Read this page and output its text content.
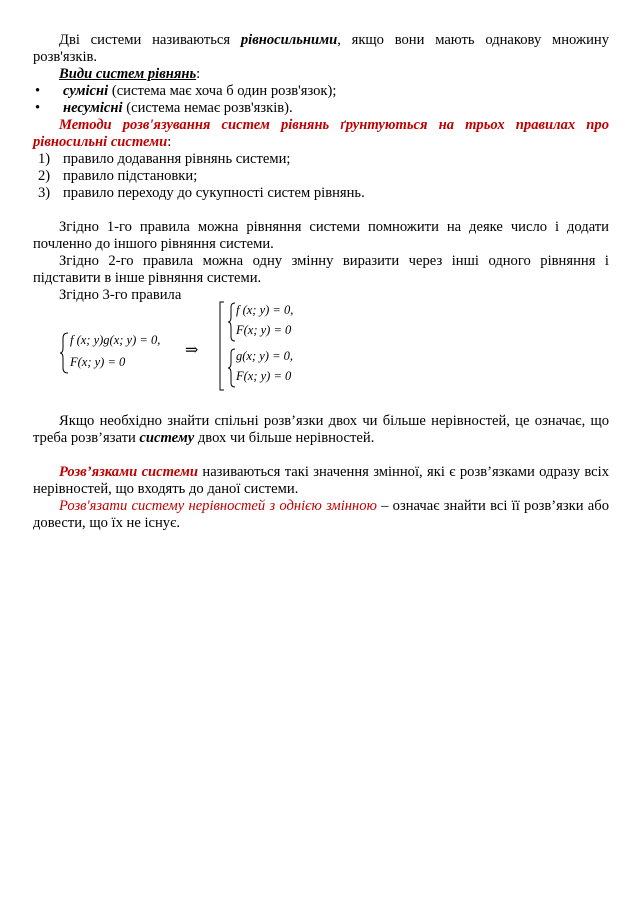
Дві системи називаються рівносильними, якщо вони мають однакову множину розв'язків.

Види систем рівнянь:

• сумісні (система має хоча б один розв'язок);
• несумісні (система немає розв'язків).

Методи розв'язування систем рівнянь ґрунтуються на трьох правилах про рівносильні системи:

1) правило додавання рівнянь системи;
2) правило підстановки;
3) правило переходу до сукупності систем рівнянь.

Згідно 1-го правила можна рівняння системи помножити на деяке число і додати почленно до іншого рівняння системи.

Згідно 2-го правила можна одну змінну виразити через інші одного рівняння і підставити в інше рівняння системи.

Згідно 3-го правила

f (x; y)g(x; y) = 0,
F(x; y) = 0
⇒
f (x; y) = 0,
F(x; y) = 0
g(x; y) = 0,
F(x; y) = 0

Якщо необхідно знайти спільні розв’язки двох чи більше нерівностей, це означає, що треба розв’язати систему двох чи більше нерівностей.

Розв’язками системи називаються такі значення змінної, які є розв’язками одразу всіх нерівностей, що входять до даної системи.

Розв'язати систему нерівностей з однією змінною – означає знайти всі її розв’язки або довести, що їх не існує.
